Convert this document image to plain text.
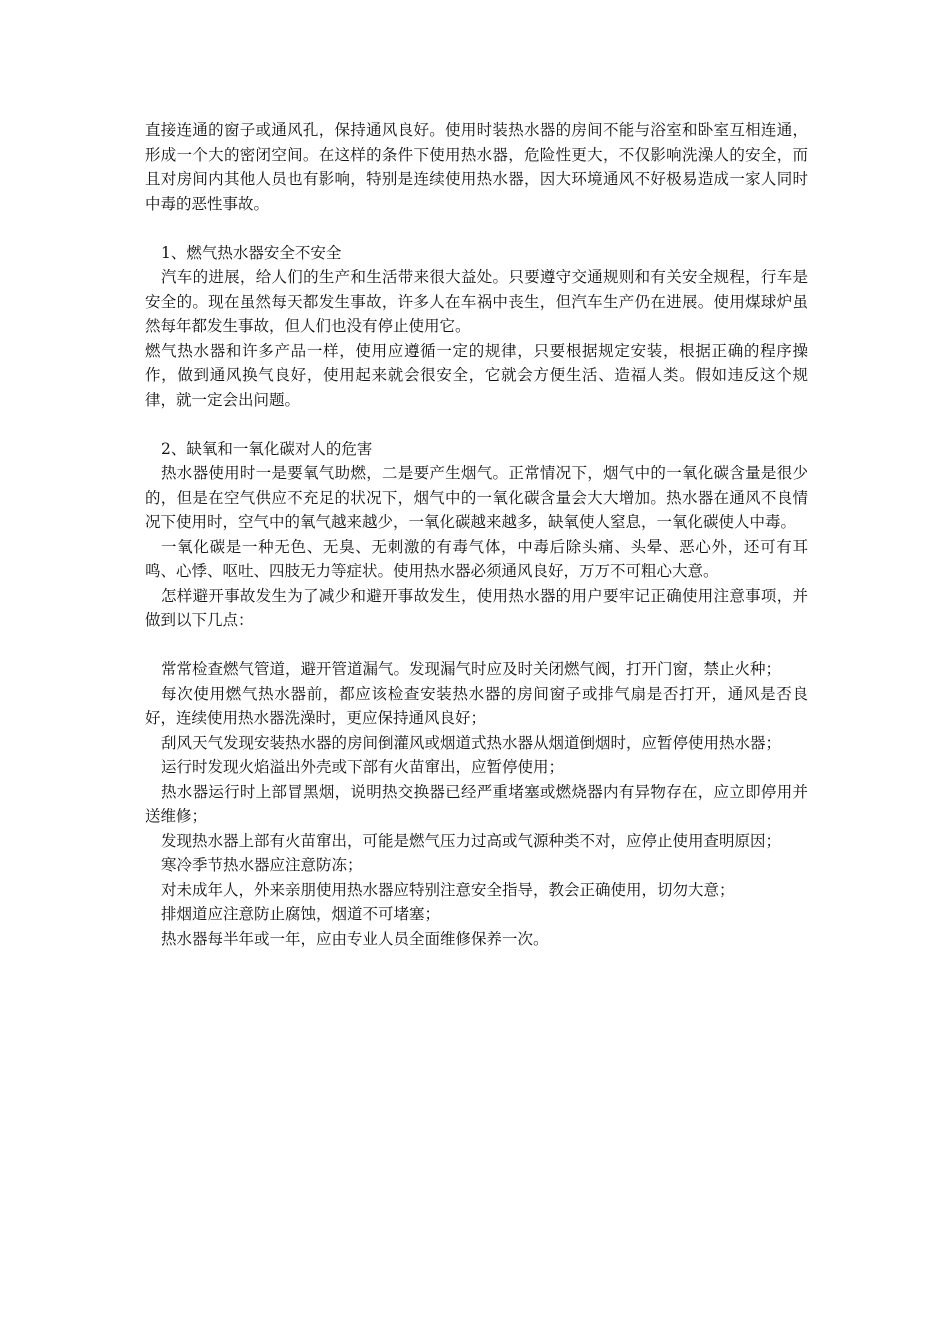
直接连通的窗子或通风孔，保持通风良好。使用时装热水器的房间不能与浴室和卧室互相连通，形成一个大的密闭空间。在这样的条件下使用热水器，危险性更大，不仅影响洗澡人的安全，而且对房间内其他人员也有影响，特别是连续使用热水器，因大环境通风不好极易造成一家人同时中毒的恶性事故。

1、燃气热水器安全不安全

汽车的进展，给人们的生产和生活带来很大益处。只要遵守交通规则和有关安全规程，行车是安全的。现在虽然每天都发生事故，许多人在车祸中丧生，但汽车生产仍在进展。使用煤球炉虽然每年都发生事故，但人们也没有停止使用它。

燃气热水器和许多产品一样，使用应遵循一定的规律，只要根据规定安装，根据正确的程序操作，做到通风换气良好，使用起来就会很安全，它就会方便生活、造福人类。假如违反这个规律，就一定会出问题。

2、缺氧和一氧化碳对人的危害

热水器使用时一是要氧气助燃，二是要产生烟气。正常情况下，烟气中的一氧化碳含量是很少的，但是在空气供应不充足的状况下，烟气中的一氧化碳含量会大大增加。热水器在通风不良情况下使用时，空气中的氧气越来越少，一氧化碳越来越多，缺氧使人窒息，一氧化碳使人中毒。

一氧化碳是一种无色、无臭、无刺激的有毒气体，中毒后除头痛、头晕、恶心外，还可有耳鸣、心悸、呕吐、四肢无力等症状。使用热水器必须通风良好，万万不可粗心大意。

怎样避开事故发生为了减少和避开事故发生，使用热水器的用户要牢记正确使用注意事项，并做到以下几点：

常常检查燃气管道，避开管道漏气。发现漏气时应及时关闭燃气阀，打开门窗，禁止火种；

每次使用燃气热水器前，都应该检查安装热水器的房间窗子或排气扇是否打开，通风是否良好，连续使用热水器洗澡时，更应保持通风良好；

刮风天气发现安装热水器的房间倒灌风或烟道式热水器从烟道倒烟时，应暂停使用热水器；

运行时发现火焰溢出外壳或下部有火苗窜出，应暂停使用；

热水器运行时上部冒黑烟，说明热交换器已经严重堵塞或燃烧器内有异物存在，应立即停用并送维修；

发现热水器上部有火苗窜出，可能是燃气压力过高或气源种类不对，应停止使用查明原因；

寒冷季节热水器应注意防冻；

对未成年人，外来亲朋使用热水器应特别注意安全指导，教会正确使用，切勿大意；

排烟道应注意防止腐蚀，烟道不可堵塞；

热水器每半年或一年，应由专业人员全面维修保养一次。
